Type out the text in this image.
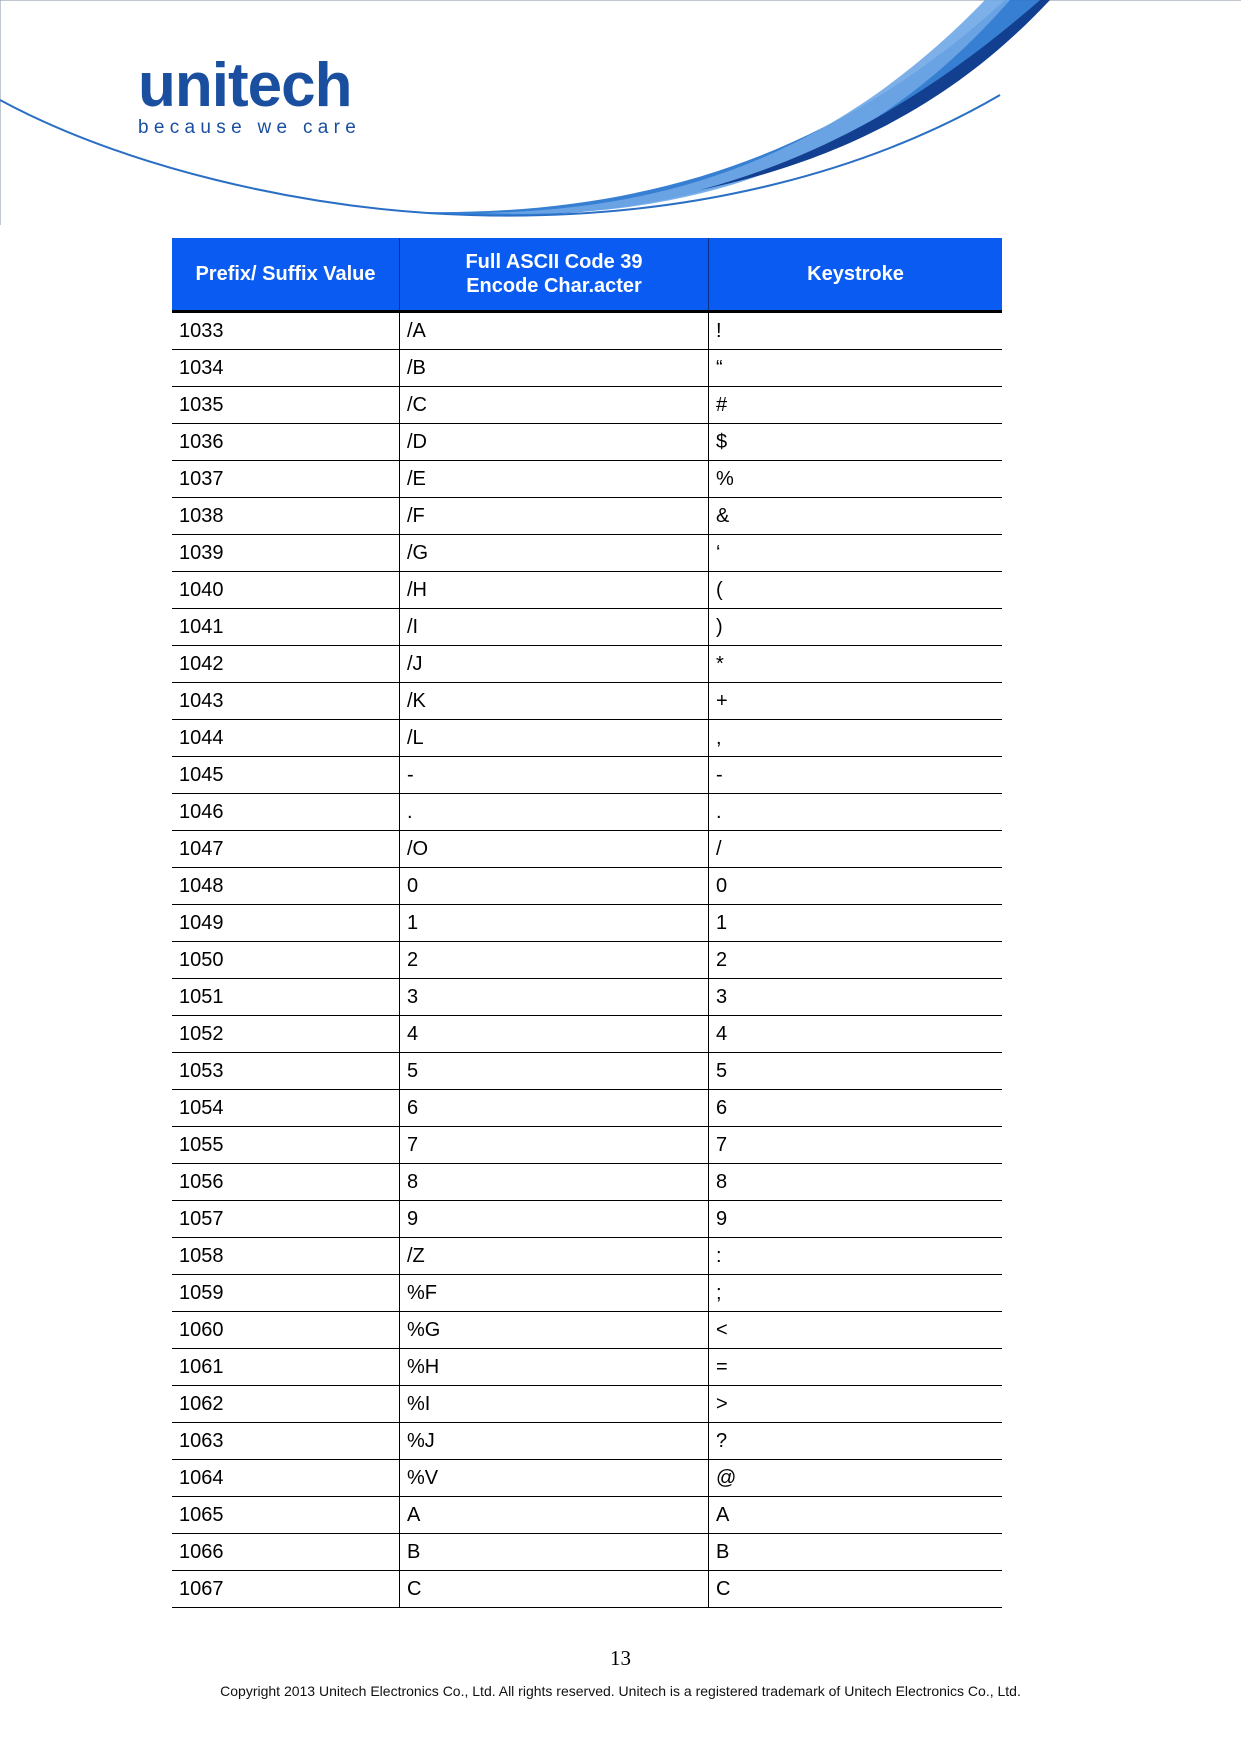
unitech
because we care
Prefix/ Suffix Value	Full ASCII Code 39
Encode Char.acter	Keystroke
1033	/A	!
1034	/B	“
1035	/C	#
1036	/D	$
1037	/E	%
1038	/F	&
1039	/G	‘
1040	/H	(
1041	/I	)
1042	/J	*
1043	/K	+
1044	/L	,
1045	-	-
1046	.	.
1047	/O	/
1048	0	0
1049	1	1
1050	2	2
1051	3	3
1052	4	4
1053	5	5
1054	6	6
1055	7	7
1056	8	8
1057	9	9
1058	/Z	:
1059	%F	;
1060	%G	<
1061	%H	=
1062	%I	>
1063	%J	?
1064	%V	@
1065	A	A
1066	B	B
1067	C	C
13
Copyright 2013 Unitech Electronics Co., Ltd. All rights reserved. Unitech is a registered trademark of Unitech Electronics Co., Ltd.
